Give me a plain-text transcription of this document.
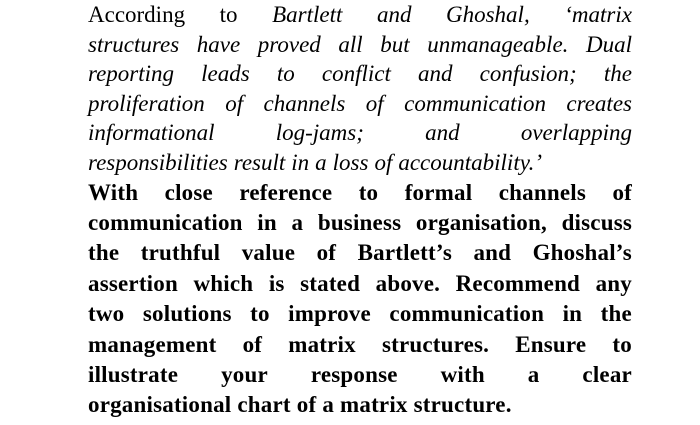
According to Bartlett and Ghoshal, ‘matrix
structures have proved all but unmanageable. Dual
reporting leads to conflict and confusion; the
proliferation of channels of communication creates
informational	log-jams;	and	overlapping
responsibilities result in a loss of accountability.’
With close reference to formal channels of
communication in a business organisation, discuss
the truthful value of Bartlett’s and Ghoshal’s
assertion which is stated above. Recommend any
two solutions to improve communication in the
management of matrix structures. Ensure to
illustrate your response with a clear
organisational chart of a matrix structure.
